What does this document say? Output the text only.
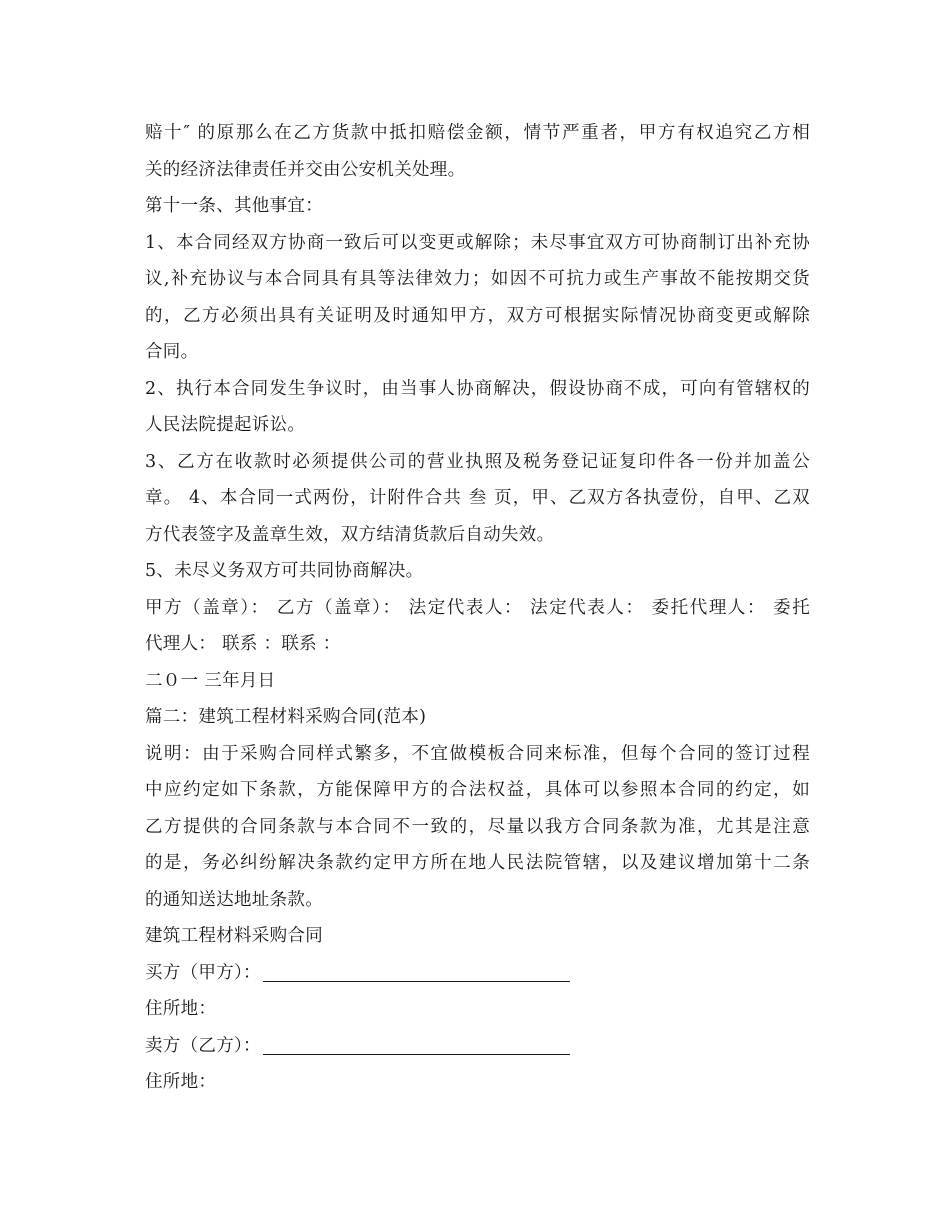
赔十″ 的原那么在乙方货款中抵扣赔偿金额，情节严重者，甲方有权追究乙方相
关的经济法律责任并交由公安机关处理。
第十一条、其他事宜：
1、本合同经双方协商一致后可以变更或解除；未尽事宜双方可协商制订出补充协
议,补充协议与本合同具有具等法律效力；如因不可抗力或生产事故不能按期交货
的，乙方必须出具有关证明及时通知甲方，双方可根据实际情况协商变更或解除
合同。
2、执行本合同发生争议时，由当事人协商解决，假设协商不成，可向有管辖权的
人民法院提起诉讼。
3、乙方在收款时必须提供公司的营业执照及税务登记证复印件各一份并加盖公
章。 4、本合同一式两份，计附件合共 叁 页，甲、乙双方各执壹份，自甲、乙双
方代表签字及盖章生效，双方结清货款后自动失效。
5、未尽义务双方可共同协商解决。
甲方（盖章）： 乙方（盖章）： 法定代表人： 法定代表人： 委托代理人： 委托
代理人： 联系 ：联系 ：
二０一 三年月日
篇二：建筑工程材料采购合同(范本)
说明：由于采购合同样式繁多，不宜做模板合同来标准，但每个合同的签订过程
中应约定如下条款，方能保障甲方的合法权益，具体可以参照本合同的约定，如
乙方提供的合同条款与本合同不一致的，尽量以我方合同条款为准，尤其是注意
的是，务必纠纷解决条款约定甲方所在地人民法院管辖，以及建议增加第十二条
的通知送达地址条款。
建筑工程材料采购合同
买方（甲方）：
住所地：
卖方（乙方）：
住所地：
